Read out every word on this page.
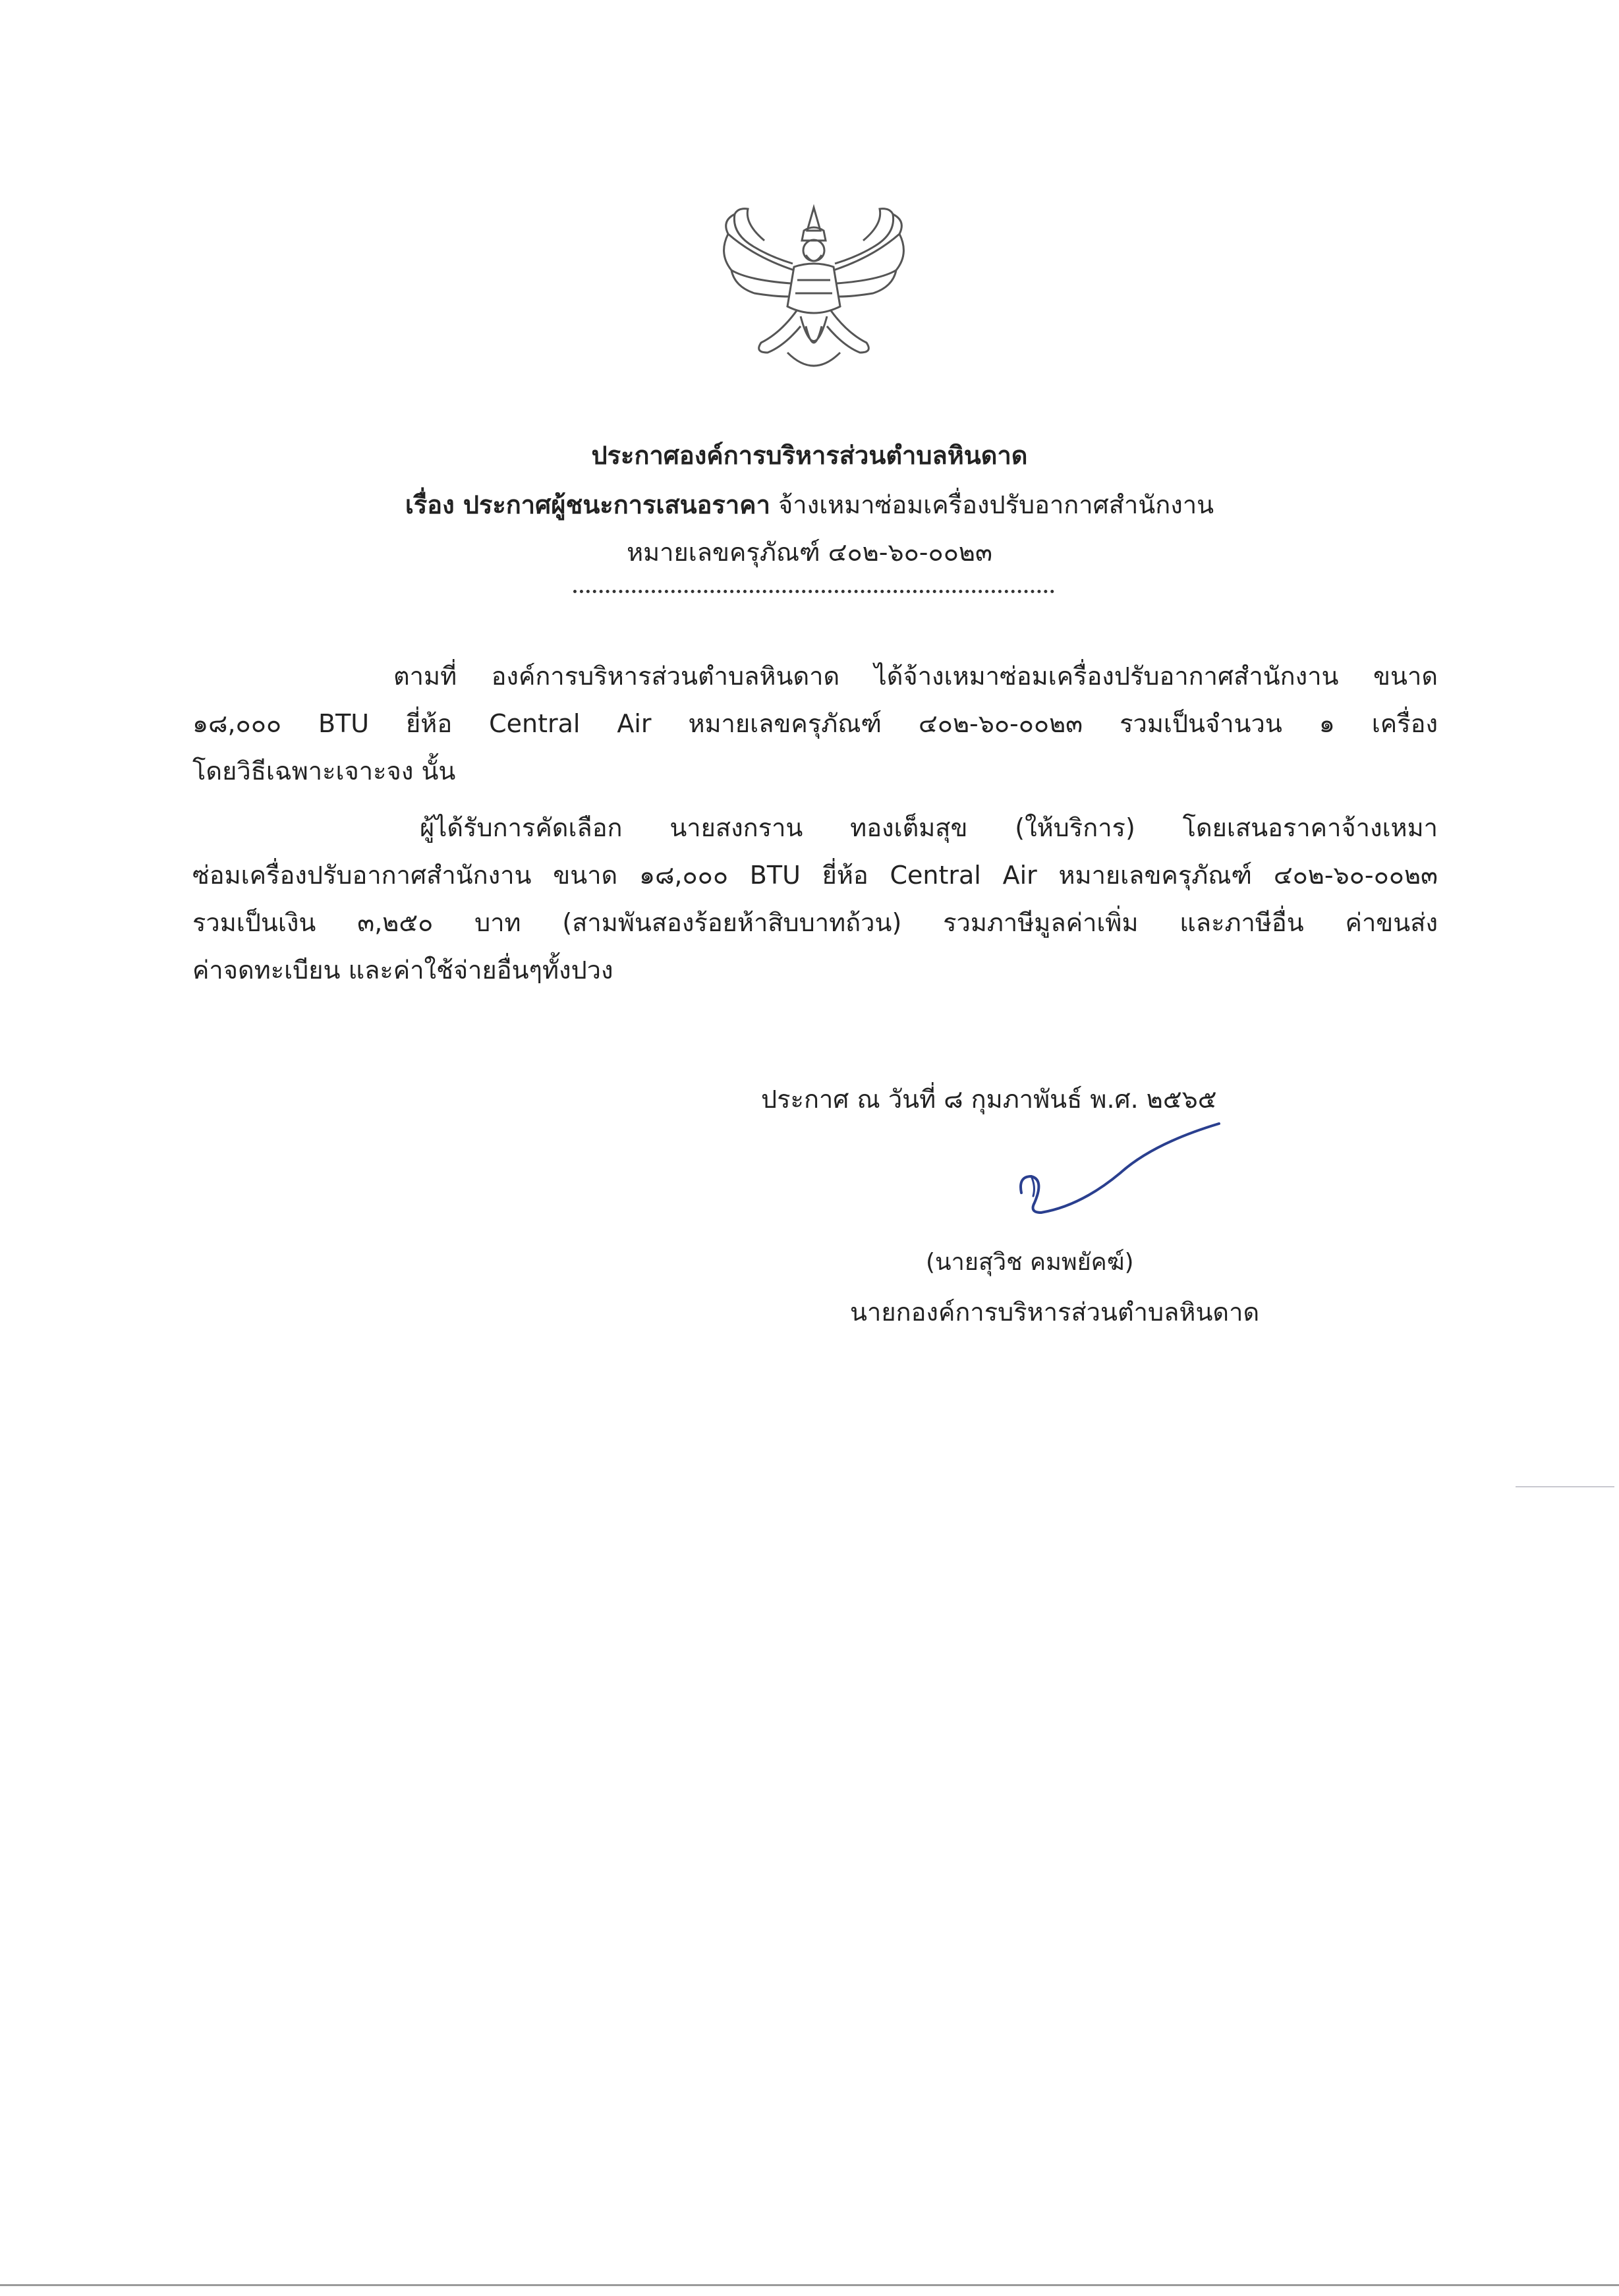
ประกาศองค์การบริหารส่วนตำบลหินดาด
เรื่อง ประกาศผู้ชนะการเสนอราคา จ้างเหมาซ่อมเครื่องปรับอากาศสำนักงาน
หมายเลขครุภัณฑ์ ๔๐๒-๖๐-๐๐๒๓
ตามที่ องค์การบริหารส่วนตำบลหินดาด ได้จ้างเหมาซ่อมเครื่องปรับอากาศสำนักงาน ขนาด
๑๘,๐๐๐ BTU ยี่ห้อ Central Air หมายเลขครุภัณฑ์ ๔๐๒-๖๐-๐๐๒๓ รวมเป็นจำนวน ๑ เครื่อง
โดยวิธีเฉพาะเจาะจง นั้น
ผู้ได้รับการคัดเลือก นายสงกราน ทองเต็มสุข (ให้บริการ) โดยเสนอราคาจ้างเหมา
ซ่อมเครื่องปรับอากาศสำนักงาน ขนาด ๑๘,๐๐๐ BTU ยี่ห้อ Central Air หมายเลขครุภัณฑ์ ๔๐๒-๖๐-๐๐๒๓
รวมเป็นเงิน ๓,๒๕๐ บาท (สามพันสองร้อยห้าสิบบาทถ้วน) รวมภาษีมูลค่าเพิ่ม และภาษีอื่น ค่าขนส่ง
ค่าจดทะเบียน และค่าใช้จ่ายอื่นๆทั้งปวง
ประกาศ ณ วันที่ ๘ กุมภาพันธ์ พ.ศ. ๒๕๖๕
(นายสุวิช คมพยัคฆ์)
นายกองค์การบริหารส่วนตำบลหินดาด
